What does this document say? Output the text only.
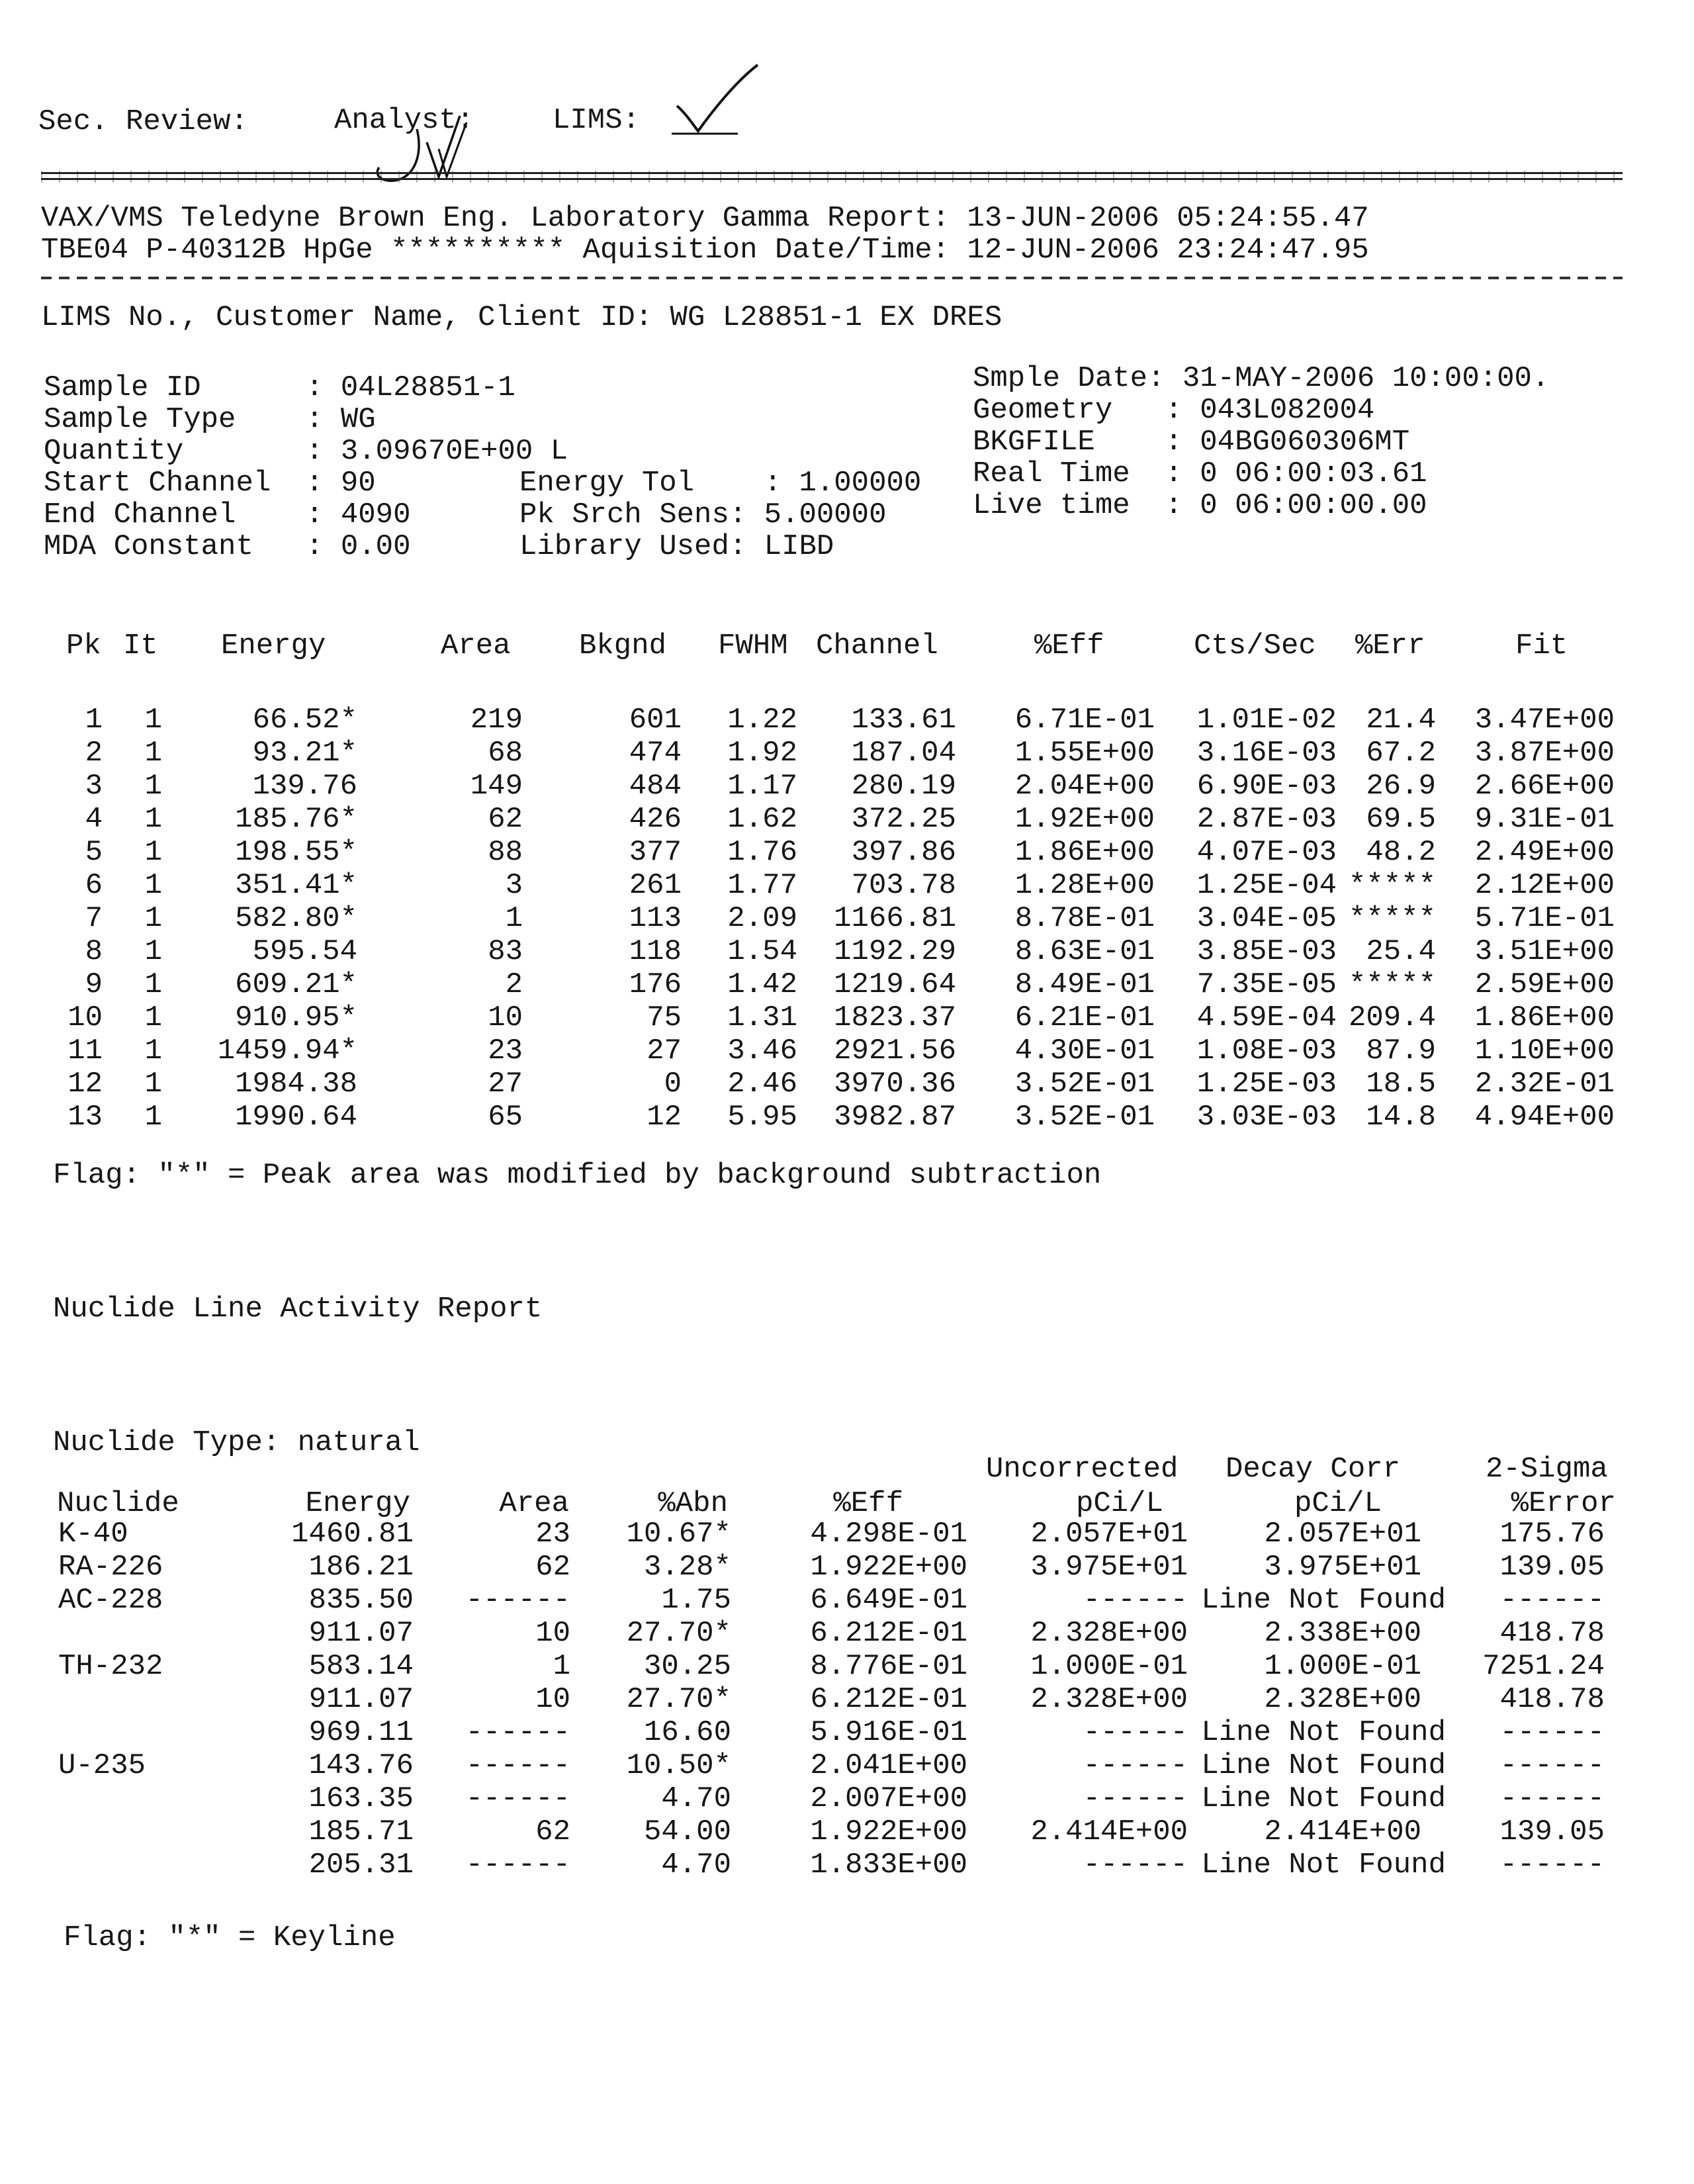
Sec. Review:	Analyst:	LIMS:
VAX/VMS Teledyne Brown Eng. Laboratory Gamma Report: 13-JUN-2006 05:24:55.47
TBE04 P-40312B HpGe ********** Aquisition Date/Time: 12-JUN-2006 23:24:47.95
LIMS No., Customer Name, Client ID: WG L28851-1 EX DRES
Sample ID      : 04L28851-1
Sample Type    : WG
Quantity       : 3.09670E+00 L
Start Channel  : 90
End Channel    : 4090
MDA Constant   : 0.00
Energy Tol    : 1.00000
Pk Srch Sens: 5.00000
Library Used: LIBD
Smple Date: 31-MAY-2006 10:00:00.
Geometry   : 043L082004
BKGFILE    : 04BG060306MT
Real Time  : 0 06:00:03.61
Live time  : 0 06:00:00.00
Pk It Energy	Area Bkgnd FWHM Channel	%Eff	Cts/Sec %Err	Fit
1 1	66.52*	219	601 1.22 133.61 6.71E-01 1.01E-02 21.4 3.47E+00
2 1	93.21*	68	474 1.92 187.04 1.55E+00 3.16E-03 67.2 3.87E+00
3 1	139.76	149	484 1.17 280.19 2.04E+00 6.90E-03 26.9 2.66E+00
4 1	185.76*	62	426 1.62 372.25 1.92E+00 2.87E-03 69.5 9.31E-01
5 1	198.55*	88	377 1.76 397.86 1.86E+00 4.07E-03 48.2 2.49E+00
6 1	351.41*	3	261 1.77 703.78 1.28E+00 1.25E-04 ***** 2.12E+00
7 1	582.80*	1	113 2.09 1166.81 8.78E-01 3.04E-05 ***** 5.71E-01
8 1	595.54	83	118 1.54 1192.29 8.63E-01 3.85E-03 25.4 3.51E+00
9 1	609.21*	2	176 1.42 1219.64 8.49E-01 7.35E-05 ***** 2.59E+00
10 1	910.95*	10	75 1.31 1823.37 6.21E-01 4.59E-04 209.4 1.86E+00
11 1 1459.94*	23	27 3.46 2921.56 4.30E-01 1.08E-03 87.9 1.10E+00
12 1	1984.38	27	0 2.46 3970.36 3.52E-01 1.25E-03 18.5 2.32E-01
13 1	1990.64	65	12 5.95 3982.87 3.52E-01 3.03E-03 14.8 4.94E+00
Flag: "*" = Peak area was modified by background subtraction
Nuclide Line Activity Report
Nuclide Type: natural
Uncorrected Decay Corr	2-Sigma
Nuclide	Energy	Area	%Abn	%Eff	pCi/L	pCi/L	%Error
K-40	1460.81	23 10.67*	4.298E-01 2.057E+01	2.057E+01	175.76
RA-226	186.21	62	3.28*	1.922E+00 3.975E+01	3.975E+01	139.05
AC-228	835.50 ------	1.75	6.649E-01	------ Line Not Found ------
911.07	10 27.70*	6.212E-01 2.328E+00	2.338E+00	418.78
TH-232	583.14	1	30.25	8.776E-01 1.000E-01	1.000E-01 7251.24
911.07	10 27.70*	6.212E-01 2.328E+00	2.328E+00	418.78
969.11 ------	16.60	5.916E-01	------ Line Not Found ------
U-235	143.76 ------ 10.50*	2.041E+00	------ Line Not Found ------
163.35 ------	4.70	2.007E+00	------ Line Not Found ------
185.71	62	54.00	1.922E+00 2.414E+00	2.414E+00	139.05
205.31 ------	4.70	1.833E+00	------ Line Not Found ------
Flag: "*" = Keyline
